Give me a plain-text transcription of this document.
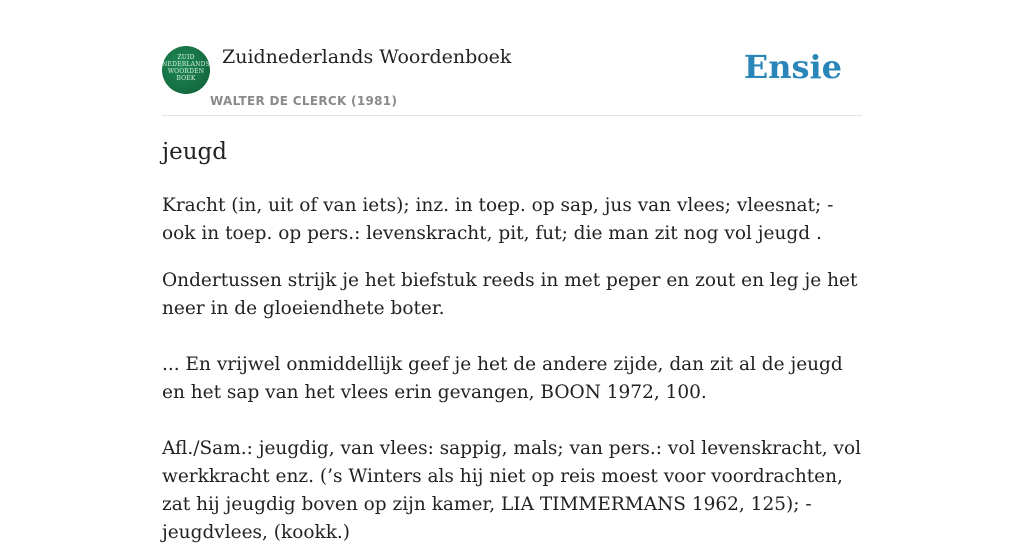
ZUID
NEDERLANDS
WOORDEN
BOEK
Zuidnederlands Woordenboek
WALTER DE CLERCK (1981)
Ensie
jeugd

Kracht (in, uit of van iets); inz. in toep. op sap, jus van vlees; vleesnat; - ook in toep. op pers.: levenskracht, pit, fut; die man zit nog vol jeugd .

Ondertussen strijk je het biefstuk reeds in met peper en zout en leg je het neer in de gloeiendhete boter.

... En vrijwel onmiddellijk geef je het de andere zijde, dan zit al de jeugd en het sap van het vlees erin gevangen, BOON 1972, 100.

Afl./Sam.: jeugdig, van vlees: sappig, mals; van pers.: vol levenskracht, vol werkkracht enz. (’s Winters als hij niet op reis moest voor voordrachten, zat hij jeugdig boven op zijn kamer, LIA TIMMERMANS 1962, 125); - jeugdvlees, (kookk.)
